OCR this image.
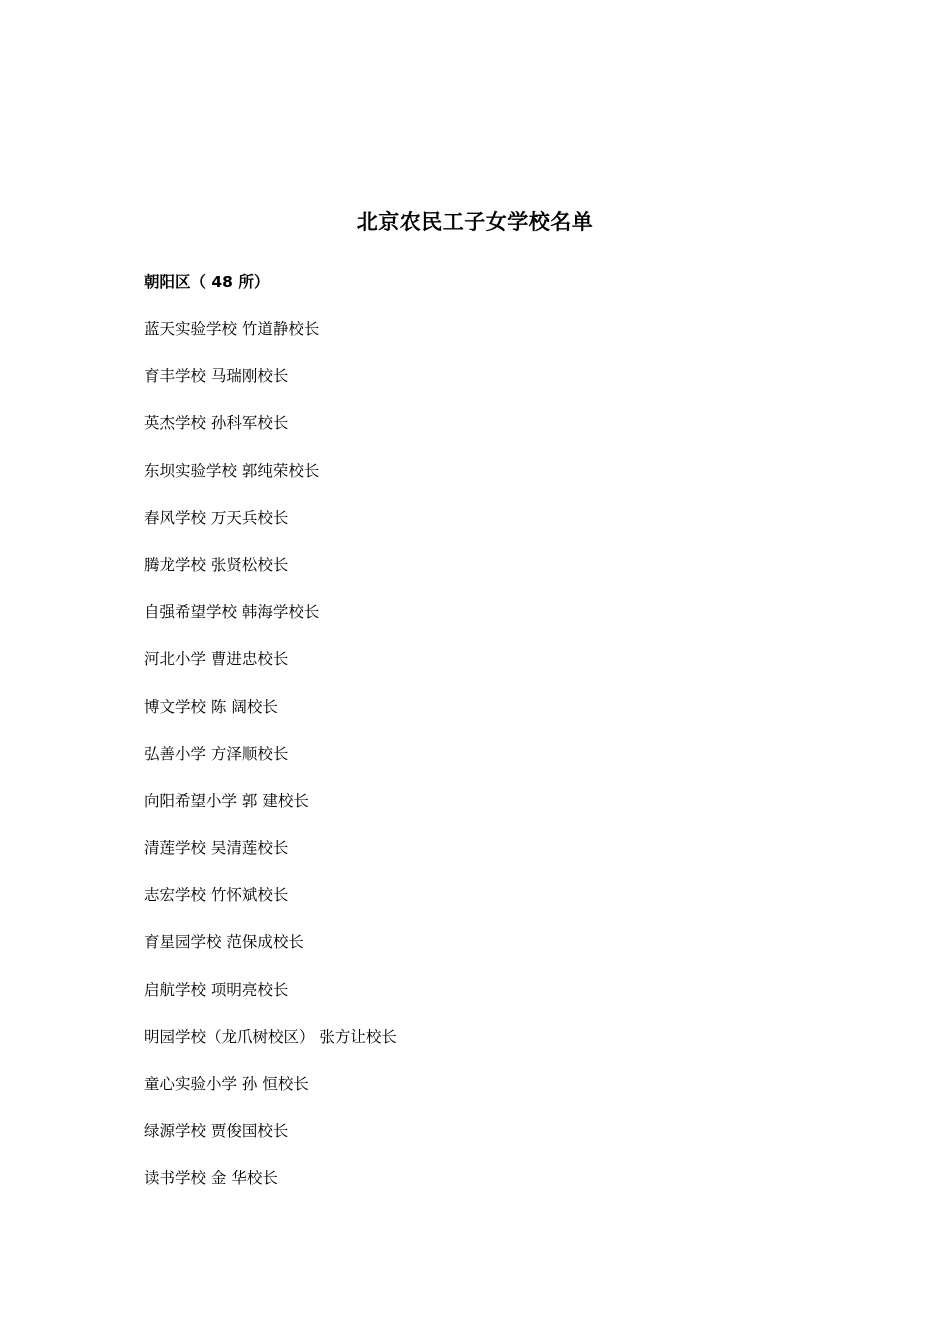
北京农民工子女学校名单
朝阳区（ 48 所）
蓝天实验学校 竹道静校长
育丰学校 马瑞刚校长
英杰学校 孙科军校长
东坝实验学校 郭纯荣校长
春风学校 万天兵校长
腾龙学校 张贤松校长
自强希望学校 韩海学校长
河北小学 曹进忠校长
博文学校 陈 阔校长
弘善小学 方泽顺校长
向阳希望小学 郭 建校长
清莲学校 吴清莲校长
志宏学校 竹怀斌校长
育星园学校 范保成校长
启航学校 项明亮校长
明园学校（龙爪树校区） 张方让校长
童心实验小学 孙 恒校长
绿源学校 贾俊国校长
读书学校 金 华校长
